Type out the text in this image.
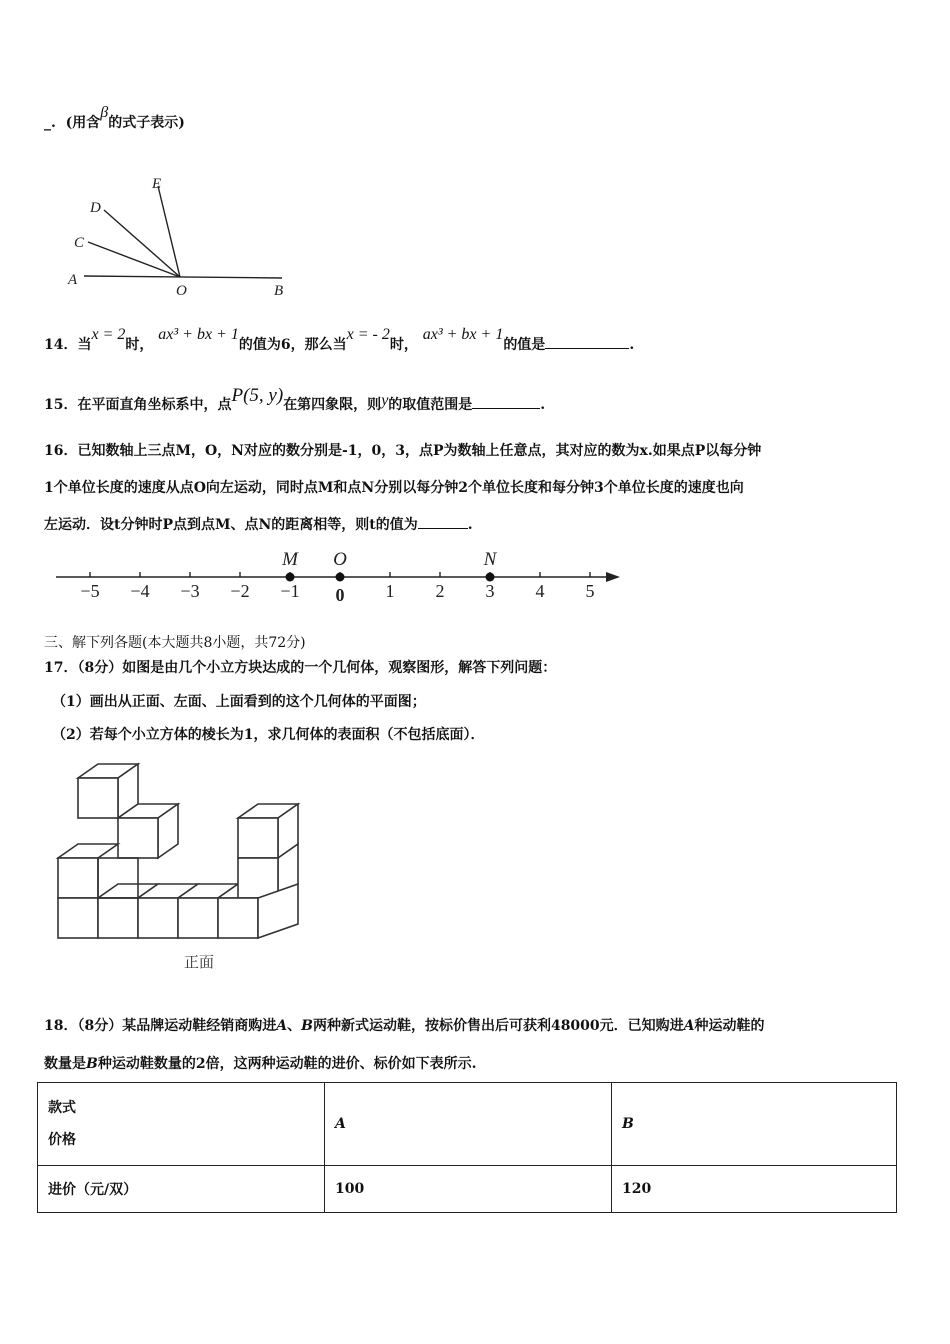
_. (用含β的式子表示)
E
D
C
A
O	B
14．当x = 2时， ax³ + bx + 1的值为6，那么当x = - 2时， ax³ + bx + 1的值是	.
15．在平面直角坐标系中，点P(5, y)在第四象限，则y的取值范围是	.
16．已知数轴上三点M，O，N对应的数分别是-1，0，3，点P为数轴上任意点，其对应的数为x.如果点P以每分钟
1个单位长度的速度从点O向左运动，同时点M和点N分别以每分钟2个单位长度和每分钟3个单位长度的速度也向
左运动．设t分钟时P点到点M、点N的距离相等，则t的值为	.
−5 −4 −3 −2 −1 0 1 2 3 4 5
M O	N
三、解下列各题(本大题共8小题，共72分)
17．（8分）如图是由几个小立方块达成的一个几何体，观察图形，解答下列问题：
（1）画出从正面、左面、上面看到的这个几何体的平面图；
（2）若每个小立方体的棱长为1，求几何体的表面积（不包括底面）．
正面
18．（8分）某品牌运动鞋经销商购进A、B两种新式运动鞋，按标价售出后可获利48000元．已知购进A种运动鞋的
数量是B种运动鞋数量的2倍，这两种运动鞋的进价、标价如下表所示.
款式
价格	A	B
进价（元/双）	100	120
